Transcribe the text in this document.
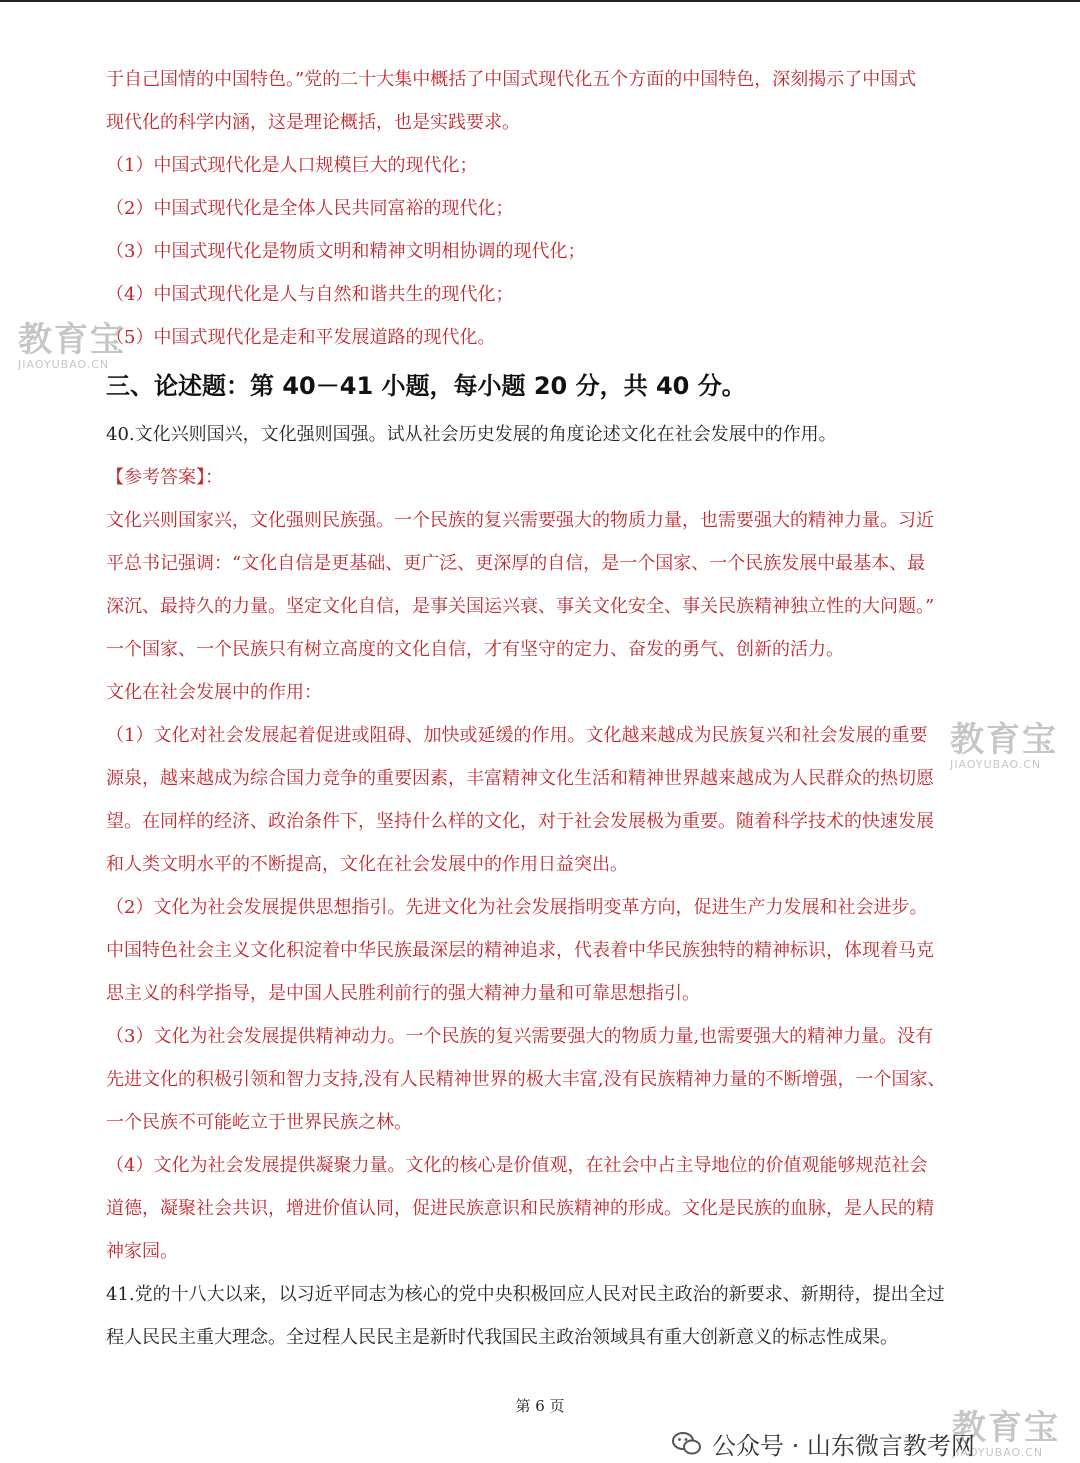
于自己国情的中国特色。”党的二十大集中概括了中国式现代化五个方面的中国特色，深刻揭示了中国式
现代化的科学内涵，这是理论概括，也是实践要求。
（1）中国式现代化是人口规模巨大的现代化；
（2）中国式现代化是全体人民共同富裕的现代化；
（3）中国式现代化是物质文明和精神文明相协调的现代化；
（4）中国式现代化是人与自然和谐共生的现代化；
（5）中国式现代化是走和平发展道路的现代化。
三、论述题：第 40－41 小题，每小题 20 分，共 40 分。
40.文化兴则国兴，文化强则国强。试从社会历史发展的角度论述文化在社会发展中的作用。
【参考答案】：
文化兴则国家兴，文化强则民族强。一个民族的复兴需要强大的物质力量，也需要强大的精神力量。习近
平总书记强调：“文化自信是更基础、更广泛、更深厚的自信，是一个国家、一个民族发展中最基本、最
深沉、最持久的力量。坚定文化自信，是事关国运兴衰、事关文化安全、事关民族精神独立性的大问题。”
一个国家、一个民族只有树立高度的文化自信，才有坚守的定力、奋发的勇气、创新的活力。
文化在社会发展中的作用：
（1）文化对社会发展起着促进或阻碍、加快或延缓的作用。文化越来越成为民族复兴和社会发展的重要
源泉，越来越成为综合国力竞争的重要因素，丰富精神文化生活和精神世界越来越成为人民群众的热切愿
望。在同样的经济、政治条件下，坚持什么样的文化，对于社会发展极为重要。随着科学技术的快速发展
和人类文明水平的不断提高，文化在社会发展中的作用日益突出。
（2）文化为社会发展提供思想指引。先进文化为社会发展指明变革方向，促进生产力发展和社会进步。
中国特色社会主义文化积淀着中华民族最深层的精神追求，代表着中华民族独特的精神标识，体现着马克
思主义的科学指导，是中国人民胜利前行的强大精神力量和可靠思想指引。
（3）文化为社会发展提供精神动力。一个民族的复兴需要强大的物质力量,也需要强大的精神力量。没有
先进文化的积极引领和智力支持,没有人民精神世界的极大丰富,没有民族精神力量的不断增强，一个国家、
一个民族不可能屹立于世界民族之林。
（4）文化为社会发展提供凝聚力量。文化的核心是价值观，在社会中占主导地位的价值观能够规范社会
道德，凝聚社会共识，增进价值认同，促进民族意识和民族精神的形成。文化是民族的血脉，是人民的精
神家园。
41.党的十八大以来，以习近平同志为核心的党中央积极回应人民对民主政治的新要求、新期待，提出全过
程人民民主重大理念。全过程人民民主是新时代我国民主政治领域具有重大创新意义的标志性成果。
第 6 页
教育宝
JIAOYUBAO.CN
教育宝
JIAOYUBAO.CN
教育宝
JIAOYUBAO.CN
公众号 · 山东微言教考网
